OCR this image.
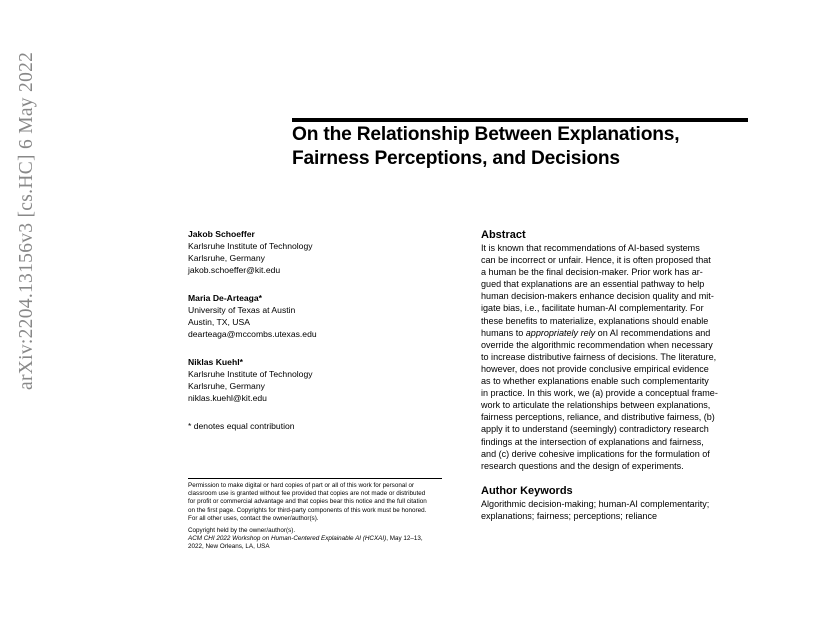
arXiv:2204.13156v3 [cs.HC] 6 May 2022	On the Relationship Between Explanations,
Fairness Perceptions, and Decisions
Jakob Schoeffer
Karlsruhe Institute of Technology
Karlsruhe, Germany
jakob.schoeffer@kit.edu
Maria De-Arteaga*
University of Texas at Austin
Austin, TX, USA
dearteaga@mccombs.utexas.edu
Niklas Kuehl*
Karlsruhe Institute of Technology
Karlsruhe, Germany
niklas.kuehl@kit.edu
* denotes equal contribution
Permission to make digital or hard copies of part or all of this work for personal or
classroom use is granted without fee provided that copies are not made or distributed
for profit or commercial advantage and that copies bear this notice and the full citation
on the first page. Copyrights for third-party components of this work must be honored.
For all other uses, contact the owner/author(s).
Copyright held by the owner/author(s).
ACM CHI 2022 Workshop on Human-Centered Explainable AI (HCXAI), May 12–13,
2022, New Orleans, LA, USA
Abstract
It is known that recommendations of AI-based systems
can be incorrect or unfair. Hence, it is often proposed that
a human be the final decision-maker. Prior work has ar-
gued that explanations are an essential pathway to help
human decision-makers enhance decision quality and mit-
igate bias, i.e., facilitate human-AI complementarity. For
these benefits to materialize, explanations should enable
humans to appropriately rely on AI recommendations and
override the algorithmic recommendation when necessary
to increase distributive fairness of decisions. The literature,
however, does not provide conclusive empirical evidence
as to whether explanations enable such complementarity
in practice. In this work, we (a) provide a conceptual frame-
work to articulate the relationships between explanations,
fairness perceptions, reliance, and distributive fairness, (b)
apply it to understand (seemingly) contradictory research
findings at the intersection of explanations and fairness,
and (c) derive cohesive implications for the formulation of
research questions and the design of experiments.
Author Keywords
Algorithmic decision-making; human-AI complementarity;
explanations; fairness; perceptions; reliance
